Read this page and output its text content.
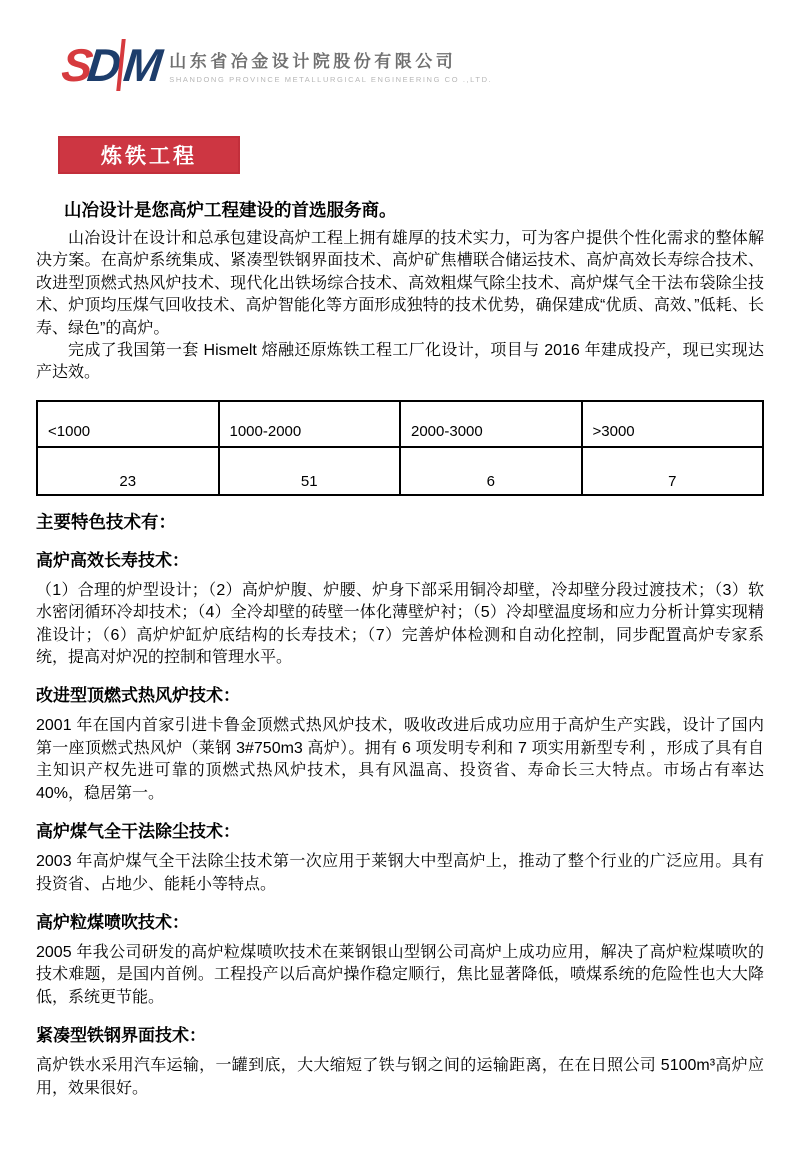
SDM 山东省冶金设计院股份有限公司
SHANDONG PROVINCE METALLURGICAL ENGINEERING CO .,LTD.
炼铁工程

山冶设计是您高炉工程建设的首选服务商。

山冶设计在设计和总承包建设高炉工程上拥有雄厚的技术实力，可为客户提供个性化需求的整体解决方案。在高炉系统集成、紧凑型铁钢界面技术、高炉矿焦槽联合储运技术、高炉高效长寿综合技术、改进型顶燃式热风炉技术、现代化出铁场综合技术、高效粗煤气除尘技术、高炉煤气全干法布袋除尘技术、炉顶均压煤气回收技术、高炉智能化等方面形成独特的技术优势，确保建成“优质、高效、”低耗、长寿、绿色”的高炉。

完成了我国第一套 Hismelt 熔融还原炼铁工程工厂化设计，项目与 2016 年建成投产，现已实现达产达效。

<1000	1000-2000	2000-3000	>3000
23	51	6	7
主要特色技术有：
高炉高效长寿技术：

（1）合理的炉型设计；（2）高炉炉腹、炉腰、炉身下部采用铜冷却壁，冷却壁分段过渡技术；（3）软水密闭循环冷却技术；（4）全冷却壁的砖壁一体化薄壁炉衬；（5）冷却壁温度场和应力分析计算实现精准设计；（6）高炉炉缸炉底结构的长寿技术；（7）完善炉体检测和自动化控制，同步配置高炉专家系统，提高对炉况的控制和管理水平。

改进型顶燃式热风炉技术：

2001 年在国内首家引进卡鲁金顶燃式热风炉技术，吸收改进后成功应用于高炉生产实践，设计了国内第一座顶燃式热风炉（莱钢 3#750m3 高炉）。拥有 6 项发明专利和 7 项实用新型专利 ，形成了具有自主知识产权先进可靠的顶燃式热风炉技术，具有风温高、投资省、寿命长三大特点。市场占有率达 40%，稳居第一。

高炉煤气全干法除尘技术：

2003 年高炉煤气全干法除尘技术第一次应用于莱钢大中型高炉上，推动了整个行业的广泛应用。具有投资省、占地少、能耗小等特点。

高炉粒煤喷吹技术：

2005 年我公司研发的高炉粒煤喷吹技术在莱钢银山型钢公司高炉上成功应用，解决了高炉粒煤喷吹的技术难题，是国内首例。工程投产以后高炉操作稳定顺行，焦比显著降低，喷煤系统的危险性也大大降低，系统更节能。

紧凑型铁钢界面技术：

高炉铁水采用汽车运输，一罐到底，大大缩短了铁与钢之间的运输距离，在在日照公司 5100m³高炉应用，效果很好。
